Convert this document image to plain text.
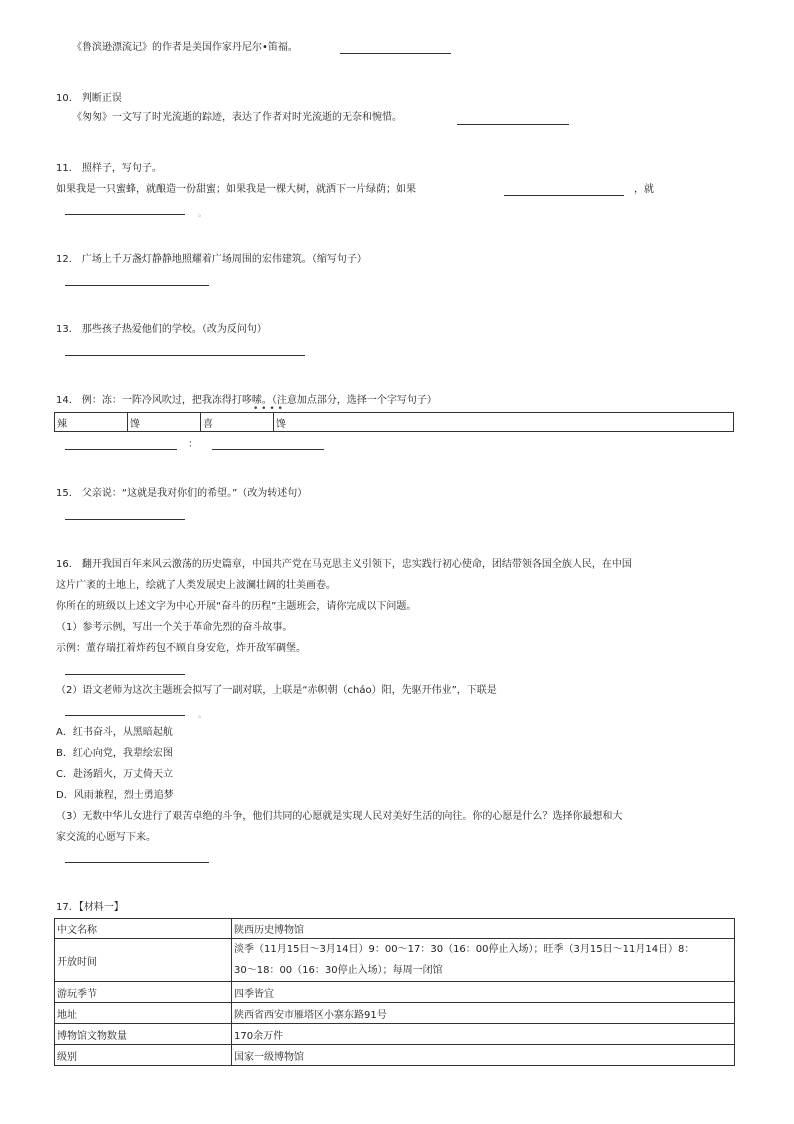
《鲁滨逊漂流记》的作者是美国作家丹尼尔•笛福。
10． 判断正误
《匆匆》一文写了时光流逝的踪迹，表达了作者对时光流逝的无奈和惋惜。
11． 照样子，写句子。
如果我是一只蜜蜂，就酿造一份甜蜜；如果我是一棵大树，就洒下一片绿荫；如果	，就
。
12． 广场上千万盏灯静静地照耀着广场周围的宏伟建筑。（缩写句子）
13． 那些孩子热爱他们的学校。（改为反问句）
14． 例：冻：一阵冷风吹过，把我冻得打哆嗦。（注意加点部分，选择一个字写句子）
• • • •
辣	馋	喜	馋
：
15． 父亲说：“这就是我对你们的希望。”（改为转述句）
16． 翻开我国百年来风云激荡的历史篇章，中国共产党在马克思主义引领下，忠实践行初心使命，团结带领各国全族人民，在中国
这片广袤的土地上，绘就了人类发展史上波澜壮阔的壮美画卷。
你所在的班级以上述文字为中心开展“奋斗的历程”主题班会，请你完成以下问题。
（1）参考示例，写出一个关于革命先烈的奋斗故事。
示例：董存瑞扛着炸药包不顾自身安危，炸开敌军碉堡。
（2）语文老师为这次主题班会拟写了一副对联，上联是“赤帜朝（cháo）阳，先驱开伟业”，下联是
。
A．红书奋斗，从黑暗起航
B．红心向党，我辈绘宏图
C．赴汤蹈火，万丈倚天立
D．风雨兼程，烈士勇追梦
（3）无数中华儿女进行了艰苦卓绝的斗争，他们共同的心愿就是实现人民对美好生活的向往。你的心愿是什么？选择你最想和大
家交流的心愿写下来。
17．【材料一】
中文名称	陕西历史博物馆
开放时间	淡季（11月15日～3月14日）9：00～17：30（16：00停止入场）；旺季（3月15日～11月14日）8：
30～18：00（16：30停止入场）；每周一闭馆

游玩季节	四季皆宜
地址	陕西省西安市雁塔区小寨东路91号
博物馆文物数量	170余万件
级别	国家一级博物馆
